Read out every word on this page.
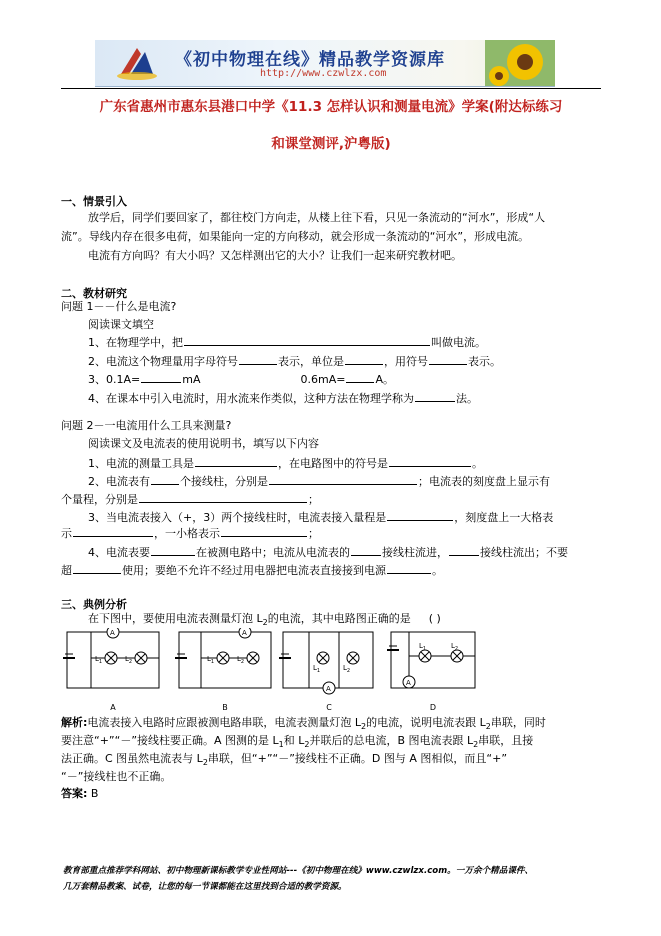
《初中物理在线》精品教学资源库
http://www.czwlzx.com
广东省惠州市惠东县港口中学《11.3 怎样认识和测量电流》学案(附达标练习
和课堂测评,沪粤版)
一、情景引入
放学后，同学们要回家了，都往校门方向走，从楼上往下看，只见一条流动的“河水”，形成“人
流”。导线内存在很多电荷，如果能向一定的方向移动，就会形成一条流动的“河水”，形成电流。
电流有方向吗？有大小吗？又怎样测出它的大小？让我们一起来研究教材吧。
二、教材研究
问题 1－－什么是电流?
阅读课文填空
1、在物理学中，把	叫做电流。
2、电流这个物理量用字母符号	表示，单位是	，用符号	表示。
3、0.1A=	mA	0.6mA=	A。
4、在课本中引入电流时，用水流来作类似，这种方法在物理学称为	法。
问题 2－一电流用什么工具来测量?
阅读课文及电流表的使用说明书，填写以下内容
1、电流的测量工具是	，在电路图中的符号是	。
2、电流表有	个接线柱，分别是	；电流表的刻度盘上显示有
个量程，分别是	；
3、当电流表接入（+，3）两个接线柱时，电流表接入量程是	，刻度盘上一大格表
示	，一小格表示	；
4、电流表要	在被测电路中；电流从电流表的	接线柱流进，	接线柱流出；不要
超	使用；要绝不允许不经过用电器把电流表直接接到电源	。
三、典例分析
在下图中，要使用电流表测量灯泡 $L_2$的电流，其中电路图正确的是 ( )
A	A
A
A
$L_1$	$L_2$	$L_1$	$L_2$
$L_1$	$L_2$
$L_1$	$L_2$
A	B	C	D
解析:电流表接入电路时应跟被测电路串联，电流表测量灯泡 $L_2$的电流，说明电流表跟 $L_2$串联，同时
要注意“+”“－”接线柱要正确。A 图测的是 $L_1$和 $L_2$并联后的总电流，B 图电流表跟 $L_2$串联，且接
法正确。C 图虽然电流表与 $L_2$串联，但“+”“－”接线柱不正确。D 图与 A 图相似，而且“+”
“－”接线柱也不正确。
答案: B
教育部重点推荐学科网站、初中物理新课标教学专业性网站---《初中物理在线》www.czwlzx.com。一万余个精品课件、
几万套精品教案、试卷，让您的每一节课都能在这里找到合适的教学资源。
